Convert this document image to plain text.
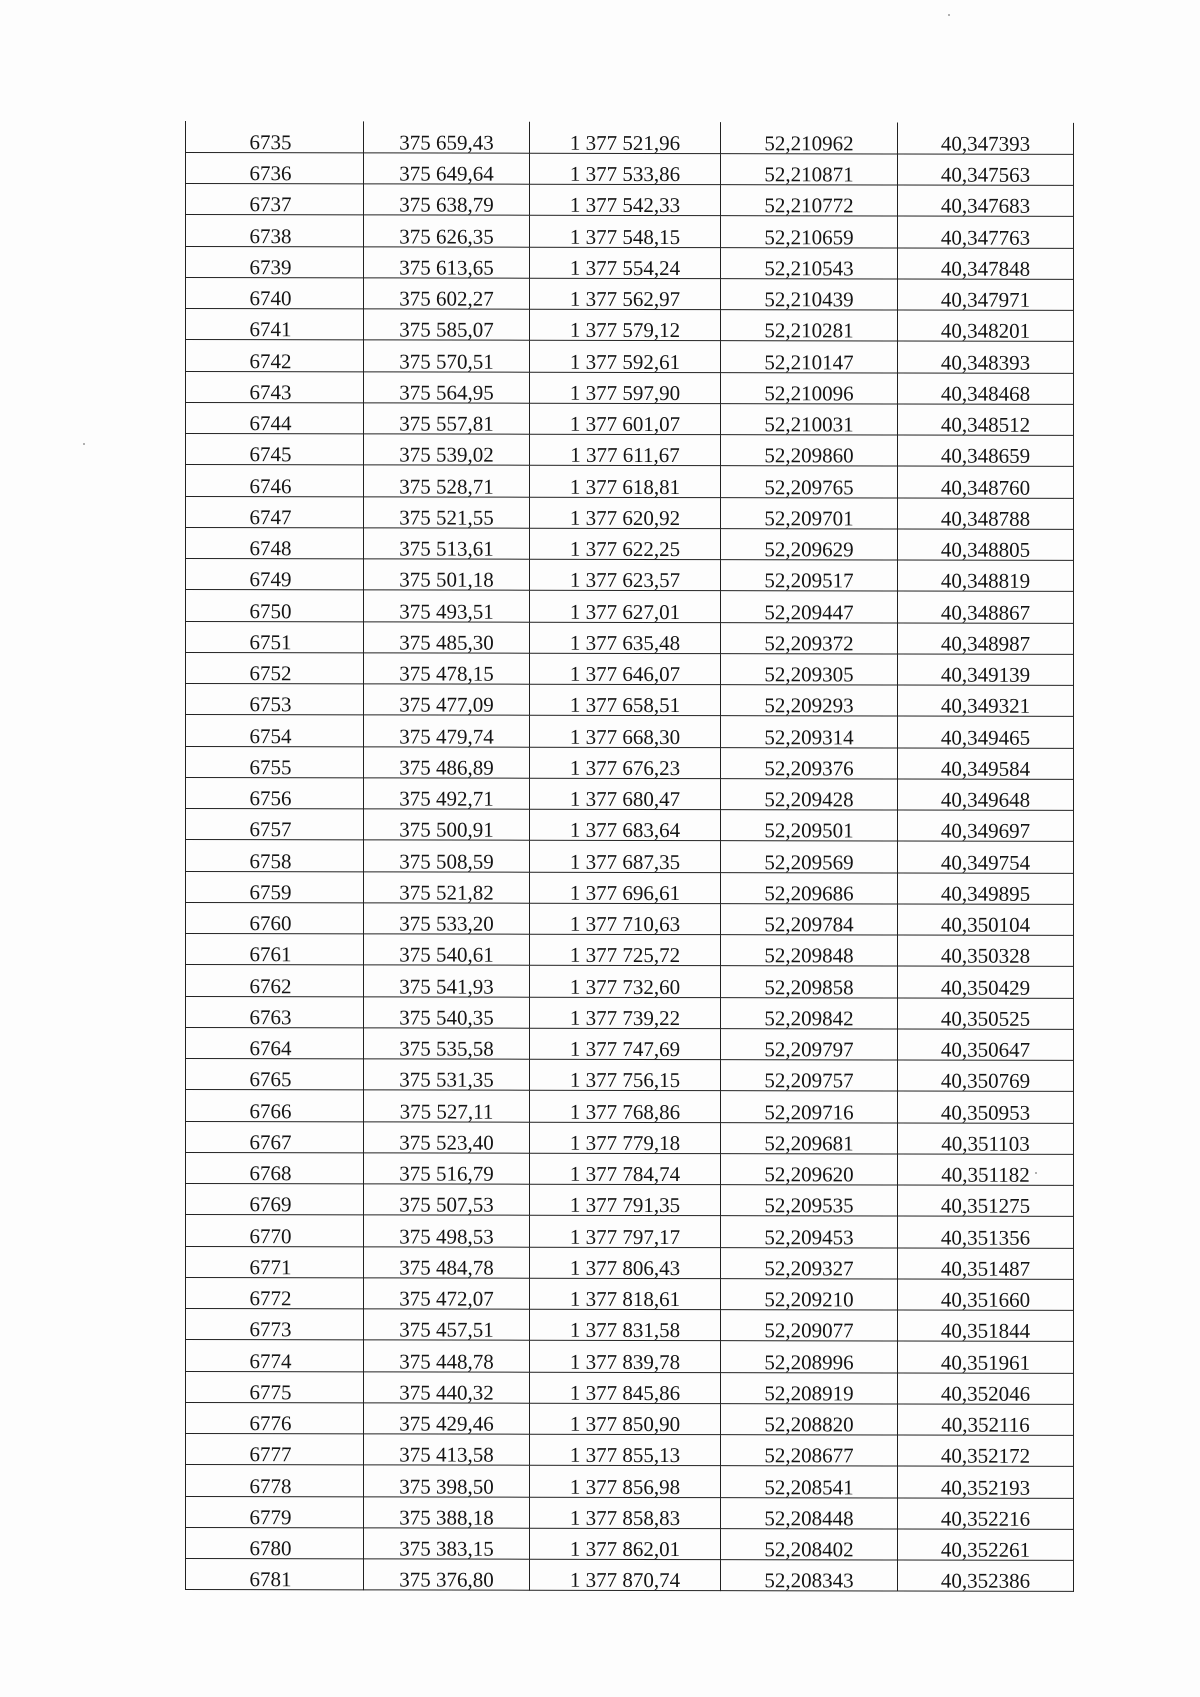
6735	375 659,43	1 377 521,96	52,210962	40,347393
6736	375 649,64	1 377 533,86	52,210871	40,347563
6737	375 638,79	1 377 542,33	52,210772	40,347683
6738	375 626,35	1 377 548,15	52,210659	40,347763
6739	375 613,65	1 377 554,24	52,210543	40,347848
6740	375 602,27	1 377 562,97	52,210439	40,347971
6741	375 585,07	1 377 579,12	52,210281	40,348201
6742	375 570,51	1 377 592,61	52,210147	40,348393
6743	375 564,95	1 377 597,90	52,210096	40,348468
6744	375 557,81	1 377 601,07	52,210031	40,348512
6745	375 539,02	1 377 611,67	52,209860	40,348659
6746	375 528,71	1 377 618,81	52,209765	40,348760
6747	375 521,55	1 377 620,92	52,209701	40,348788
6748	375 513,61	1 377 622,25	52,209629	40,348805
6749	375 501,18	1 377 623,57	52,209517	40,348819
6750	375 493,51	1 377 627,01	52,209447	40,348867
6751	375 485,30	1 377 635,48	52,209372	40,348987
6752	375 478,15	1 377 646,07	52,209305	40,349139
6753	375 477,09	1 377 658,51	52,209293	40,349321
6754	375 479,74	1 377 668,30	52,209314	40,349465
6755	375 486,89	1 377 676,23	52,209376	40,349584
6756	375 492,71	1 377 680,47	52,209428	40,349648
6757	375 500,91	1 377 683,64	52,209501	40,349697
6758	375 508,59	1 377 687,35	52,209569	40,349754
6759	375 521,82	1 377 696,61	52,209686	40,349895
6760	375 533,20	1 377 710,63	52,209784	40,350104
6761	375 540,61	1 377 725,72	52,209848	40,350328
6762	375 541,93	1 377 732,60	52,209858	40,350429
6763	375 540,35	1 377 739,22	52,209842	40,350525
6764	375 535,58	1 377 747,69	52,209797	40,350647
6765	375 531,35	1 377 756,15	52,209757	40,350769
6766	375 527,11	1 377 768,86	52,209716	40,350953
6767	375 523,40	1 377 779,18	52,209681	40,351103
6768	375 516,79	1 377 784,74	52,209620	40,351182
6769	375 507,53	1 377 791,35	52,209535	40,351275
6770	375 498,53	1 377 797,17	52,209453	40,351356
6771	375 484,78	1 377 806,43	52,209327	40,351487
6772	375 472,07	1 377 818,61	52,209210	40,351660
6773	375 457,51	1 377 831,58	52,209077	40,351844
6774	375 448,78	1 377 839,78	52,208996	40,351961
6775	375 440,32	1 377 845,86	52,208919	40,352046
6776	375 429,46	1 377 850,90	52,208820	40,352116
6777	375 413,58	1 377 855,13	52,208677	40,352172
6778	375 398,50	1 377 856,98	52,208541	40,352193
6779	375 388,18	1 377 858,83	52,208448	40,352216
6780	375 383,15	1 377 862,01	52,208402	40,352261
6781	375 376,80	1 377 870,74	52,208343	40,352386
